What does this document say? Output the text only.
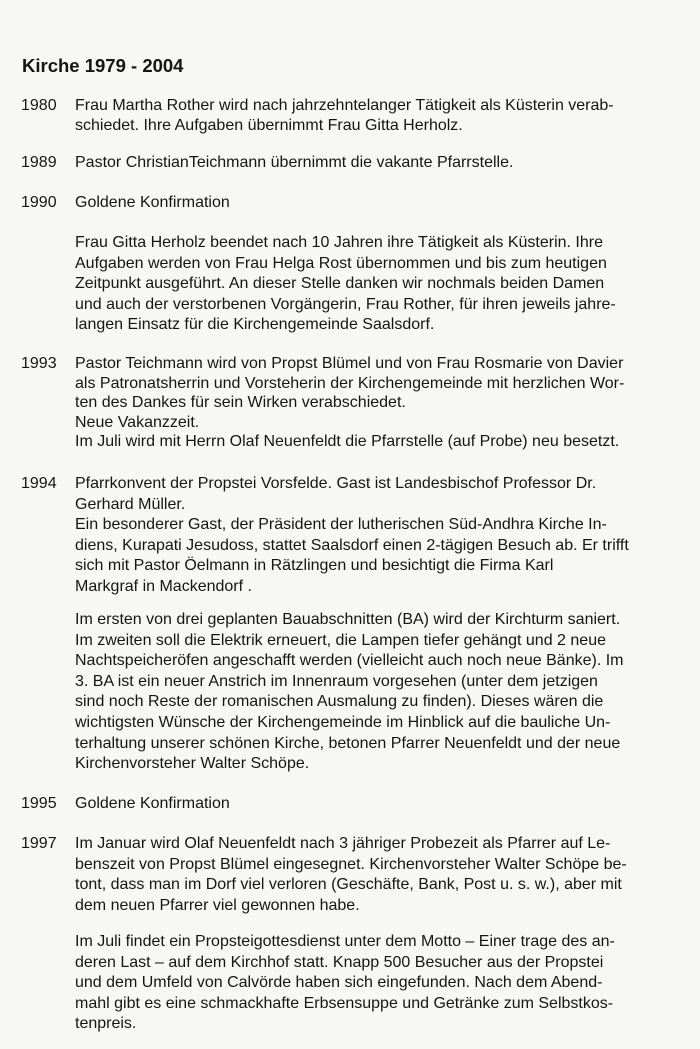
Kirche 1979 - 2004
1980 Frau Martha Rother wird nach jahrzehntelanger Tätigkeit als Küsterin verab-
schiedet. Ihre Aufgaben übernimmt Frau Gitta Herholz.

1989 Pastor ChristianTeichmann übernimmt die vakante Pfarrstelle.

1990 Goldene Konfirmation

Frau Gitta Herholz beendet nach 10 Jahren ihre Tätigkeit als Küsterin. Ihre
Aufgaben werden von Frau Helga Rost übernommen und bis zum heutigen
Zeitpunkt ausgeführt. An dieser Stelle danken wir nochmals beiden Damen
und auch der verstorbenen Vorgängerin, Frau Rother, für ihren jeweils jahre-
langen Einsatz für die Kirchengemeinde Saalsdorf.

1993 Pastor Teichmann wird von Propst Blümel und von Frau Rosmarie von Davier
als Patronatsherrin und Vorsteherin der Kirchengemeinde mit herzlichen Wor-
ten des Dankes für sein Wirken verabschiedet.
Neue Vakanzzeit.
Im Juli wird mit Herrn Olaf Neuenfeldt die Pfarrstelle (auf Probe) neu besetzt.

1994 Pfarrkonvent der Propstei Vorsfelde. Gast ist Landesbischof Professor Dr.
Gerhard Müller.
Ein besonderer Gast, der Präsident der lutherischen Süd-Andhra Kirche In-
diens, Kurapati Jesudoss, stattet Saalsdorf einen 2-tägigen Besuch ab. Er trifft
sich mit Pastor Öelmann in Rätzlingen und besichtigt die Firma Karl
Markgraf in Mackendorf .

Im ersten von drei geplanten Bauabschnitten (BA) wird der Kirchturm saniert.
Im zweiten soll die Elektrik erneuert, die Lampen tiefer gehängt und 2 neue
Nachtspeicheröfen angeschafft werden (vielleicht auch noch neue Bänke). Im
3. BA ist ein neuer Anstrich im Innenraum vorgesehen (unter dem jetzigen
sind noch Reste der romanischen Ausmalung zu finden). Dieses wären die
wichtigsten Wünsche der Kirchengemeinde im Hinblick auf die bauliche Un-
terhaltung unserer schönen Kirche, betonen Pfarrer Neuenfeldt und der neue
Kirchenvorsteher Walter Schöpe.

1995 Goldene Konfirmation

1997 Im Januar wird Olaf Neuenfeldt nach 3 jähriger Probezeit als Pfarrer auf Le-
benszeit von Propst Blümel eingesegnet. Kirchenvorsteher Walter Schöpe be-
tont, dass man im Dorf viel verloren (Geschäfte, Bank, Post u. s. w.), aber mit
dem neuen Pfarrer viel gewonnen habe.

Im Juli findet ein Propsteigottesdienst unter dem Motto – Einer trage des an-
deren Last – auf dem Kirchhof statt. Knapp 500 Besucher aus der Propstei
und dem Umfeld von Calvörde haben sich eingefunden. Nach dem Abend-
mahl gibt es eine schmackhafte Erbsensuppe und Getränke zum Selbstkos-
tenpreis.
